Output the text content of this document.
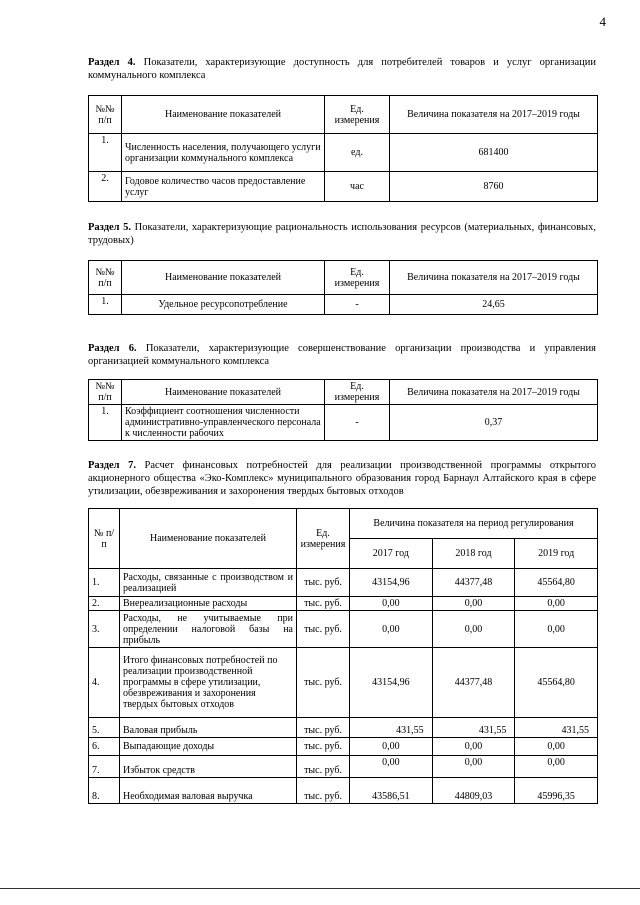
4
Раздел 4. Показатели, характеризующие доступность для потребителей товаров и услуг организации коммунального комплекса
№№ п/п	Наименование показателей	Ед. измерения	Величина показателя на 2017–2019 годы
1.	Численность населения, получающего услуги организации коммунального комплекса	ед.	681400
2.	Годовое количество часов предоставление услуг	час	8760
Раздел 5. Показатели, характеризующие рациональность использования ресурсов (материальных, финансовых, трудовых)
№№ п/п	Наименование показателей	Ед. измерения	Величина показателя на 2017–2019 годы
1.	Удельное ресурсопотребление	-	24,65
Раздел 6. Показатели, характеризующие совершенствование организации производства и управления организацией коммунального комплекса
№№ п/п	Наименование показателей	Ед. измерения	Величина показателя на 2017–2019 годы
1.	Коэффициент соотношения численности административно-управленческого персонала к численности рабочих	-	0,37
Раздел 7. Расчет финансовых потребностей для реализации производственной программы открытого акционерного общества «Эко-Комплекс» муниципального образования город Барнаул Алтайского края в сфере утилизации, обезвреживания и захоронения твердых бытовых отходов
№ п/п	Наименование показателей	Ед. измерения	Величина показателя на период регулирования		
			2017 год	2018 год	2019 год
1.	Расходы, связанные с производством и реализацией	тыс. руб.	43154,96	44377,48	45564,80
2.	Внереализационные расходы	тыс. руб.	0,00	0,00	0,00
3.	Расходы, не учитываемые при определении налоговой базы на прибыль	тыс. руб.	0,00	0,00	0,00
4.	Итого финансовых потребностей по реализации производственной программы в сфере утилизации, обезвреживания и захоронения твердых бытовых отходов	тыс. руб.	43154,96	44377,48	45564,80
5.	Валовая прибыль	тыс. руб.	431,55	431,55	431,55
6.	Выпадающие доходы	тыс. руб.	0,00	0,00	0,00
7.	Избыток средств	тыс. руб.	0,00	0,00	0,00
8.	Необходимая валовая выручка	тыс. руб.	43586,51	44809,03	45996,35
